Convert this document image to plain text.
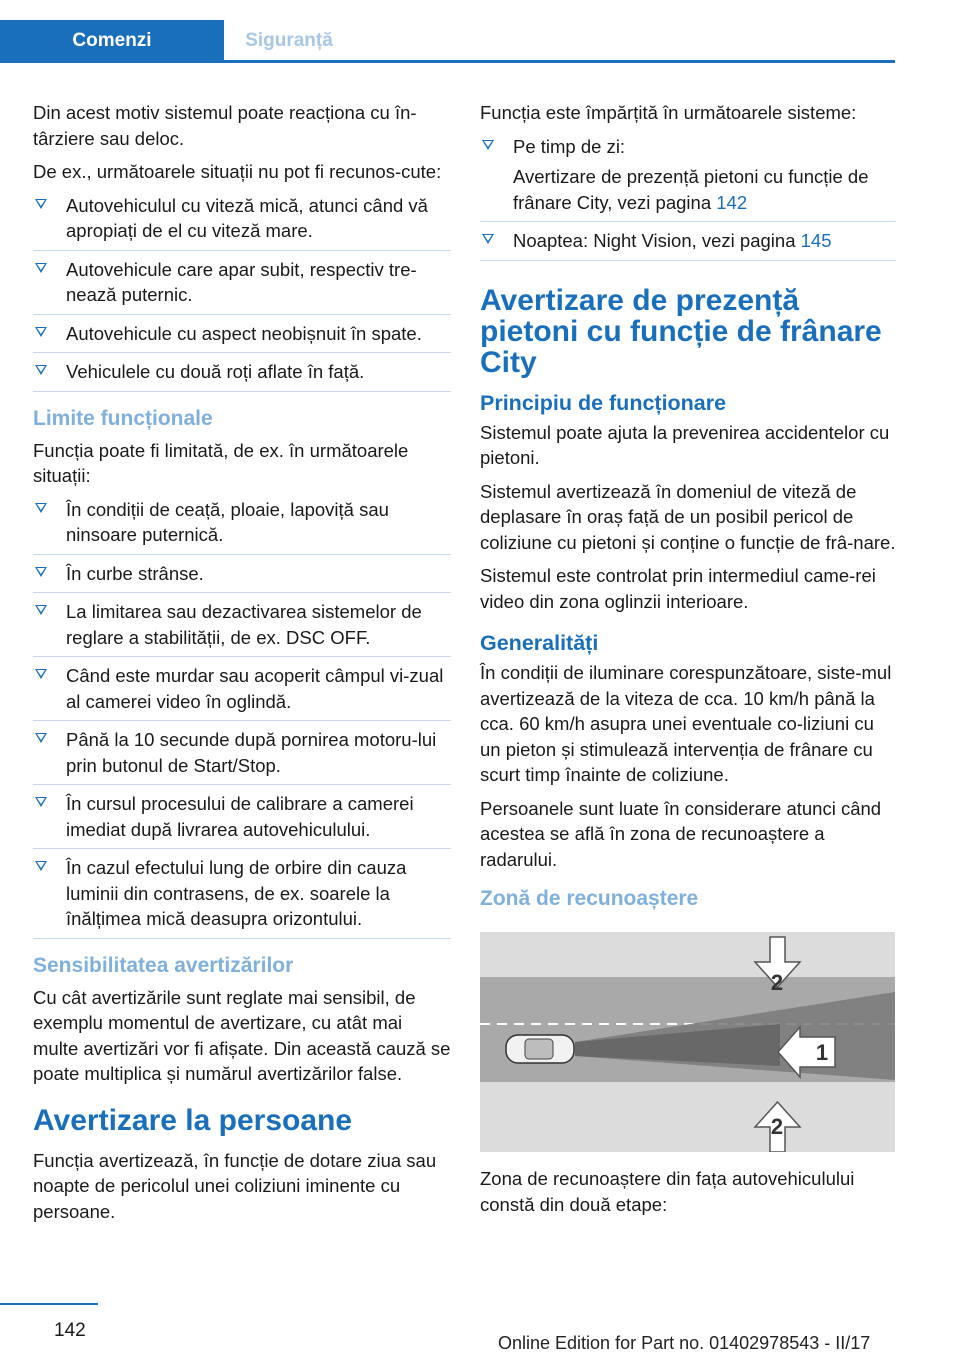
Comenzi	Siguranță

Din acest motiv sistemul poate reacționa cu în-târziere sau deloc.

De ex., următoarele situații nu pot fi recunos-cute:

Autovehiculul cu viteză mică, atunci când vă apropiați de el cu viteză mare.
Autovehicule care apar subit, respectiv tre-nează puternic.
Autovehicule cu aspect neobișnuit în spate.
Vehiculele cu două roți aflate în față.
Limite funcționale

Funcția poate fi limitată, de ex. în următoarele situații:

În condiții de ceață, ploaie, lapoviță sau ninsoare puternică.
În curbe strânse.
La limitarea sau dezactivarea sistemelor de reglare a stabilității, de ex. DSC OFF.
Când este murdar sau acoperit câmpul vi-zual al camerei video în oglindă.
Până la 10 secunde după pornirea motoru-lui prin butonul de Start/Stop.
În cursul procesului de calibrare a camerei imediat după livrarea autovehiculului.
În cazul efectului lung de orbire din cauza luminii din contrasens, de ex. soarele la înălțimea mică deasupra orizontului.
Sensibilitatea avertizărilor

Cu cât avertizările sunt reglate mai sensibil, de exemplu momentul de avertizare, cu atât mai multe avertizări vor fi afișate. Din această cauză se poate multiplica și numărul avertizărilor false.

Avertizare la persoane

Funcția avertizează, în funcție de dotare ziua sau noapte de pericolul unei coliziuni iminente cu persoane.

Funcția este împărțită în următoarele sisteme:

Pe timp de zi:
Avertizare de prezență pietoni cu funcție de frânare City, vezi pagina 142
Noaptea: Night Vision, vezi pagina 145
Avertizare de prezență pietoni cu funcție de frânare City
Principiu de funcționare

Sistemul poate ajuta la prevenirea accidentelor cu pietoni.

Sistemul avertizează în domeniul de viteză de deplasare în oraș față de un posibil pericol de coliziune cu pietoni și conține o funcție de frâ-nare.

Sistemul este controlat prin intermediul came-rei video din zona oglinzii interioare.

Generalități

În condiții de iluminare corespunzătoare, siste-mul avertizează de la viteza de cca. 10 km/h până la cca. 60 km/h asupra unei eventuale co-liziuni cu un pieton și stimulează intervenția de frânare cu scurt timp înainte de coliziune.

Persoanele sunt luate în considerare atunci când acestea se află în zona de recunoaștere a radarului.

Zonă de recunoaștere
2
1
2

Zona de recunoaștere din fața autovehiculului constă din două etape:

142
Online Edition for Part no. 01402978543 - II/17
